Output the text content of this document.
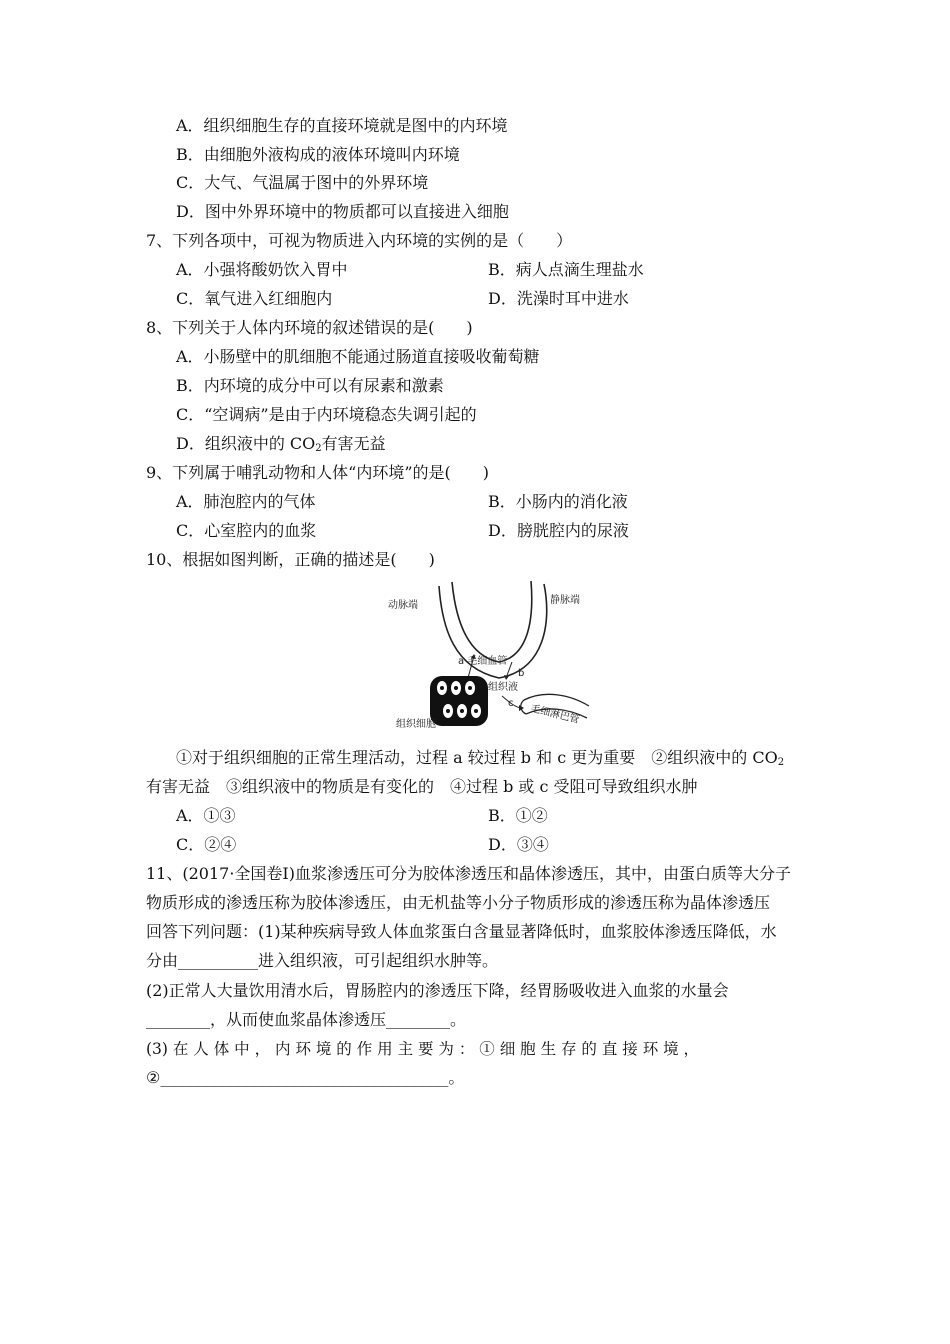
A．组织细胞生存的直接环境就是图中的内环境
B．由细胞外液构成的液体环境叫内环境
C．大气、气温属于图中的外界环境
D．图中外界环境中的物质都可以直接进入细胞
7、下列各项中，可视为物质进入内环境的实例的是（　　）
A．小强将酸奶饮入胃中	B．病人点滴生理盐水
C．氧气进入红细胞内	D．洗澡时耳中进水
8、下列关于人体内环境的叙述错误的是(　　)
A．小肠壁中的肌细胞不能通过肠道直接吸收葡萄糖
B．内环境的成分中可以有尿素和激素
C．“空调病”是由于内环境稳态失调引起的
D．组织液中的 $CO_2$有害无益
9、下列属于哺乳动物和人体“内环境”的是(　　)
A．肺泡腔内的气体	B．小肠内的消化液
C．心室腔内的血浆	D．膀胱腔内的尿液
10、根据如图判断，正确的描述是(　　)
动脉端	静脉端
a 毛细血管
b
组织液
c 毛细淋巴管
组织细胞
①对于组织细胞的正常生理活动，过程 a 较过程 b 和 c 更为重要　②组织液中的 $CO_2$
有害无益　③组织液中的物质是有变化的　④过程 b 或 c 受阻可导致组织水肿
A．①③	B．①②
C．②④	D．③④
11、(2017·全国卷Ⅰ)血浆渗透压可分为胶体渗透压和晶体渗透压，其中，由蛋白质等大分子
物质形成的渗透压称为胶体渗透压，由无机盐等小分子物质形成的渗透压称为晶体渗透压
回答下列问题：(1)某种疾病导致人体血浆蛋白含量显著降低时，血浆胶体渗透压降低，水
分由__________进入组织液，可引起组织水肿等。
(2)正常人大量饮用清水后，胃肠腔内的渗透压下降，经胃肠吸收进入血浆的水量会
________，从而使血浆晶体渗透压________。
(3) 在 人 体 中 ， 内 环 境 的 作 用 主 要 为 ： ① 细 胞 生 存 的 直 接 环 境 ，
②____________________________________。
